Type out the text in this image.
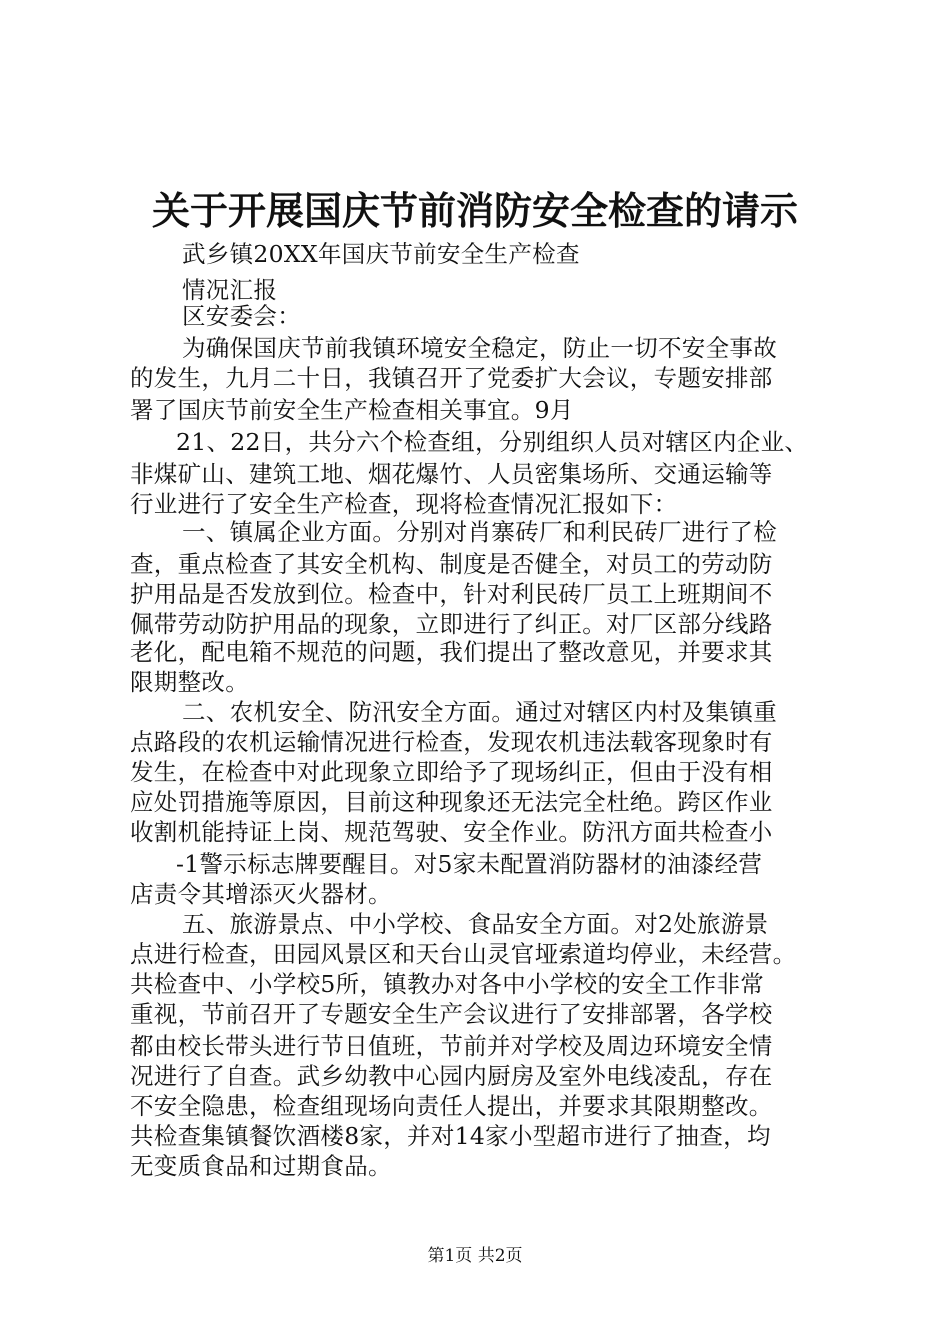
关于开展国庆节前消防安全检查的请示
武乡镇20XX年国庆节前安全生产检查
情况汇报
区安委会：
为确保国庆节前我镇环境安全稳定，防止一切不安全事故
的发生，九月二十日，我镇召开了党委扩大会议，专题安排部
署了国庆节前安全生产检查相关事宜。9月
21、22日，共分六个检查组，分别组织人员对辖区内企业、
非煤矿山、建筑工地、烟花爆竹、人员密集场所、交通运输等
行业进行了安全生产检查，现将检查情况汇报如下：
一、镇属企业方面。分别对肖寨砖厂和利民砖厂进行了检
查，重点检查了其安全机构、制度是否健全，对员工的劳动防
护用品是否发放到位。检查中，针对利民砖厂员工上班期间不
佩带劳动防护用品的现象，立即进行了纠正。对厂区部分线路
老化，配电箱不规范的问题，我们提出了整改意见，并要求其
限期整改。
二、农机安全、防汛安全方面。通过对辖区内村及集镇重
点路段的农机运输情况进行检查，发现农机违法载客现象时有
发生，在检查中对此现象立即给予了现场纠正，但由于没有相
应处罚措施等原因，目前这种现象还无法完全杜绝。跨区作业
收割机能持证上岗、规范驾驶、安全作业。防汛方面共检查小
-1警示标志牌要醒目。对5家未配置消防器材的油漆经营
店责令其增添灭火器材。
五、旅游景点、中小学校、食品安全方面。对2处旅游景
点进行检查，田园风景区和天台山灵官垭索道均停业，未经营。
共检查中、小学校5所，镇教办对各中小学校的安全工作非常
重视，节前召开了专题安全生产会议进行了安排部署，各学校
都由校长带头进行节日值班，节前并对学校及周边环境安全情
况进行了自查。武乡幼教中心园内厨房及室外电线凌乱，存在
不安全隐患，检查组现场向责任人提出，并要求其限期整改。
共检查集镇餐饮酒楼8家，并对14家小型超市进行了抽查，均
无变质食品和过期食品。
第1页 共2页
